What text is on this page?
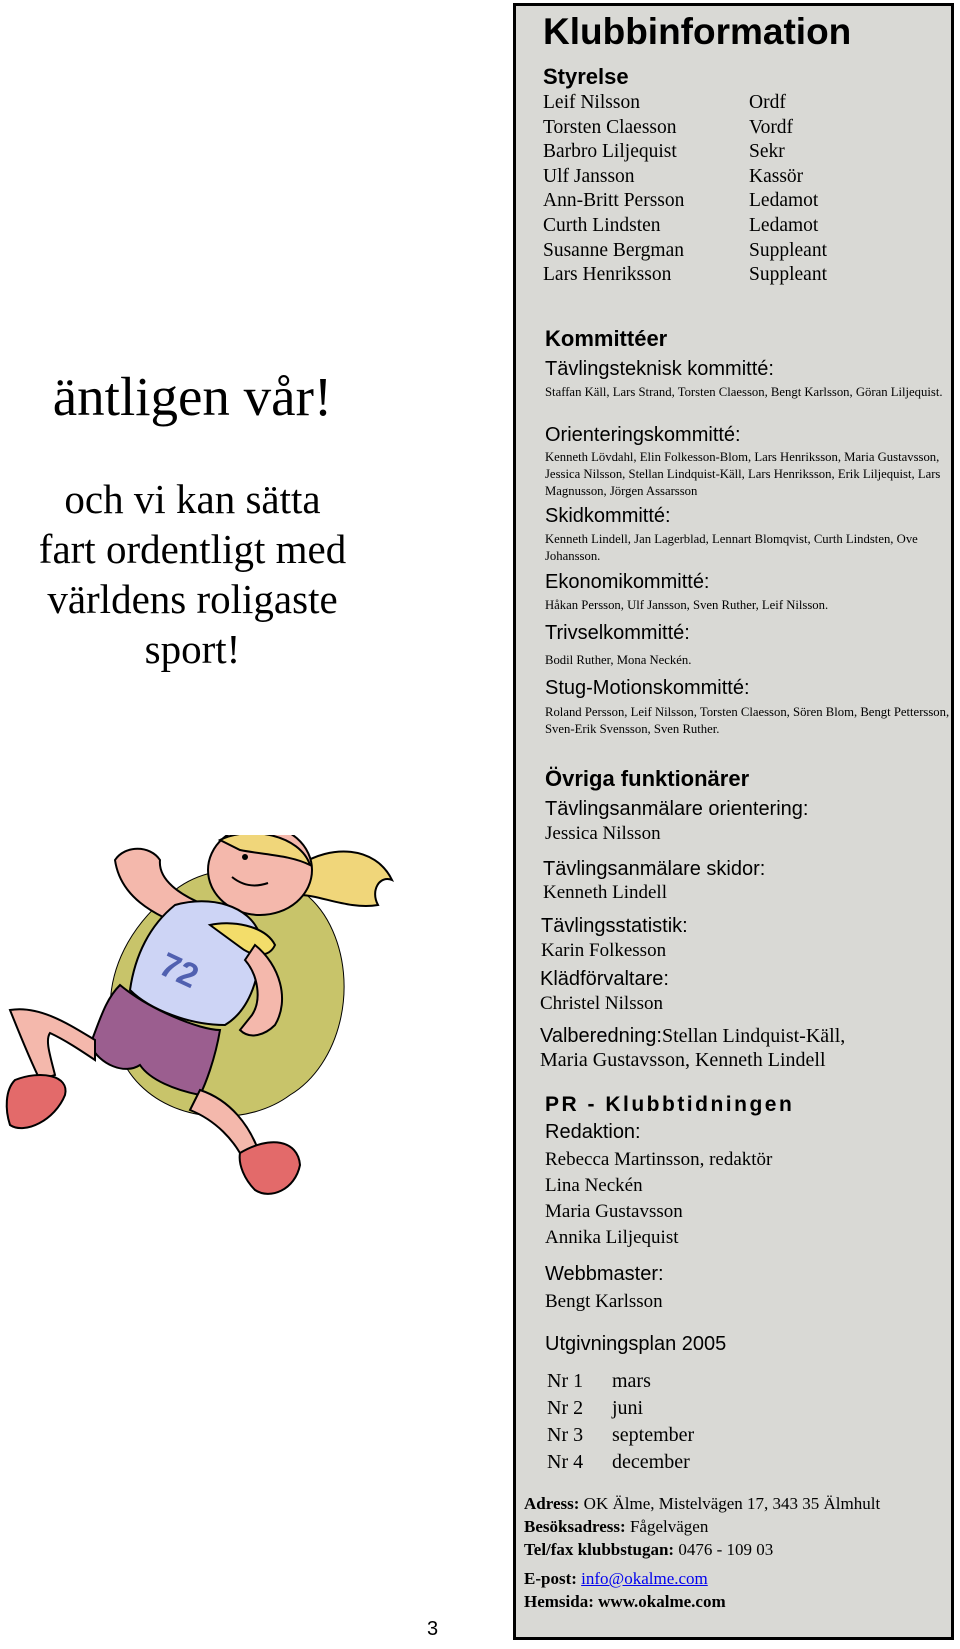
äntligen vår!
och vi kan sätta
fart ordentligt med
världens roligaste
sport!
72
3
Klubbinformation
Styrelse
Leif Nilsson
Torsten Claesson
Barbro Liljequist
Ulf Jansson
Ann-Britt Persson
Curth Lindsten
Susanne Bergman
Lars Henriksson
Ordf
Vordf
Sekr
Kassör
Ledamot
Ledamot
Suppleant
Suppleant
Kommittéer
Tävlingsteknisk kommitté:
Staffan Käll, Lars Strand, Torsten Claesson, Bengt Karlsson, Göran Liljequist.
Orienteringskommitté:
Kenneth Lövdahl, Elin Folkesson-Blom, Lars Henriksson, Maria Gustavsson, Jessica Nilsson, Stellan Lindquist-Käll, Lars Henriksson, Erik Liljequist, Lars Magnusson, Jörgen Assarsson
Skidkommitté:
Kenneth Lindell, Jan Lagerblad, Lennart Blomqvist, Curth Lindsten, Ove Johansson.
Ekonomikommitté:
Håkan Persson, Ulf Jansson, Sven Ruther, Leif Nilsson.
Trivselkommitté:
Bodil Ruther, Mona Neckén.
Stug-Motionskommitté:
Roland Persson, Leif Nilsson, Torsten Claesson, Sören Blom, Bengt Pettersson, Sven-Erik Svensson, Sven Ruther.
Övriga funktionärer
Tävlingsanmälare orientering:
Jessica Nilsson
Tävlingsanmälare skidor:
Kenneth Lindell
Tävlingsstatistik:
Karin Folkesson
Klädförvaltare:
Christel Nilsson
Valberedning:Stellan Lindquist-Käll,
Maria Gustavsson, Kenneth Lindell
PR - Klubbtidningen
Redaktion:
Rebecca Martinsson, redaktör
Lina Neckén
Maria Gustavsson
Annika Liljequist
Webbmaster:
Bengt Karlsson
Utgivningsplan 2005
Nr 1 mars
Nr 2 juni
Nr 3 september
Nr 4 december
Adress: OK Älme, Mistelvägen 17, 343 35 Älmhult
Besöksadress: Fågelvägen
Tel/fax klubbstugan: 0476 - 109 03
E-post: info@okalme.com
Hemsida: www.okalme.com
